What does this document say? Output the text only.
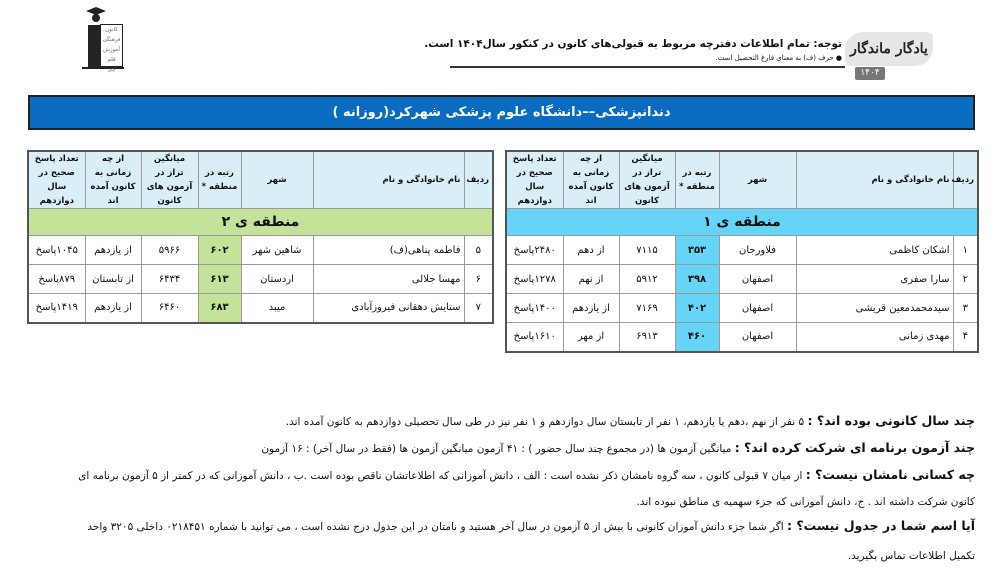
یادگار ماندگار
۱۴۰۴
توجه: تمام اطلاعات دفترچه مربوط به قبولی‌های کانون در کنکور سال۱۴۰۴ است.
● حرف (ف) به معنای فارغ التحصیل است.
کانون فرهنگی آموزش قلم چی
دندانپزشکی––دانشگاه علوم پزشکی شهرکرد(روزانه )
ردیف	نام خانوادگی و نام	شهر	رتبه در منطقه *	میانگین تراز در آزمون های کانون	از چه زمانی به کانون آمده اند	تعداد پاسخ صحیح در سال دوازدهم
منطقه ی ۱						
۱	اشکان کاظمی	فلاورجان	۳۵۳	۷۱۱۵	از دهم	۲۴۸۰پاسخ
۲	سارا صفری	اصفهان	۳۹۸	۵۹۱۲	از نهم	۱۲۷۸پاسخ
۳	سیدمحمدمعین قریشی	اصفهان	۴۰۲	۷۱۶۹	از یازدهم	۱۴۰۰پاسخ
۴	مهدی زمانی	اصفهان	۴۶۰	۶۹۱۳	از مهر	۱۶۱۰پاسخ
ردیف	نام خانوادگی و نام	شهر	رتبه در منطقه *	میانگین تراز در آزمون های کانون	از چه زمانی به کانون آمده اند	تعداد پاسخ صحیح در سال دوازدهم
منطقه ی ۲						
۵	فاطمه پناهی(ف)	شاهین شهر	۶۰۲	۵۹۶۶	از یازدهم	۱۰۴۵پاسخ
۶	مهسا جلالی	اردستان	۶۱۳	۶۴۳۴	از تابستان	۸۷۹پاسخ
۷	ستایش دهقانی فیروزآبادی	میبد	۶۸۳	۶۴۶۰	از یازدهم	۱۴۱۹پاسخ
چند سال کانونی بوده اند؟ : ۵ نفر از نهم ،دهم یا یازدهم، ۱ نفر از تابستان سال دوازدهم و ۱ نفر نیز در طی سال تحصیلی دوازدهم به کانون آمده اند.
چند آزمون برنامه ای شرکت کرده اند؟ : میانگین آزمون ها (در مجموع چند سال حضور ) : ۴۱ آزمون میانگین آزمون ها (فقط در سال آخر) : ۱۶ آزمون
چه کسانی نامشان نیست؟ : از میان ۷ قبولی کانون ، سه گروه نامشان ذکر نشده است : الف ، دانش آموزانی که اطلاعاتشان ناقص بوده است .ب ، دانش آموزانی که در کمتر از ۵ آزمون برنامه ای
کانون شرکت داشته اند . ج، دانش آموزانی که جزء سهمیه ی مناطق نبوده اند.
آیا اسم شما در جدول نیست؟ : اگر شما جزء دانش آموزان کانونی با بیش از ۵ آزمون در سال آخر هستید و نامتان در این جدول درج نشده است ، می توانید با شماره ۰۲۱۸۴۵۱ داخلی ۳۲۰۵ واحد
تکمیل اطلاعات تماس بگیرید.
